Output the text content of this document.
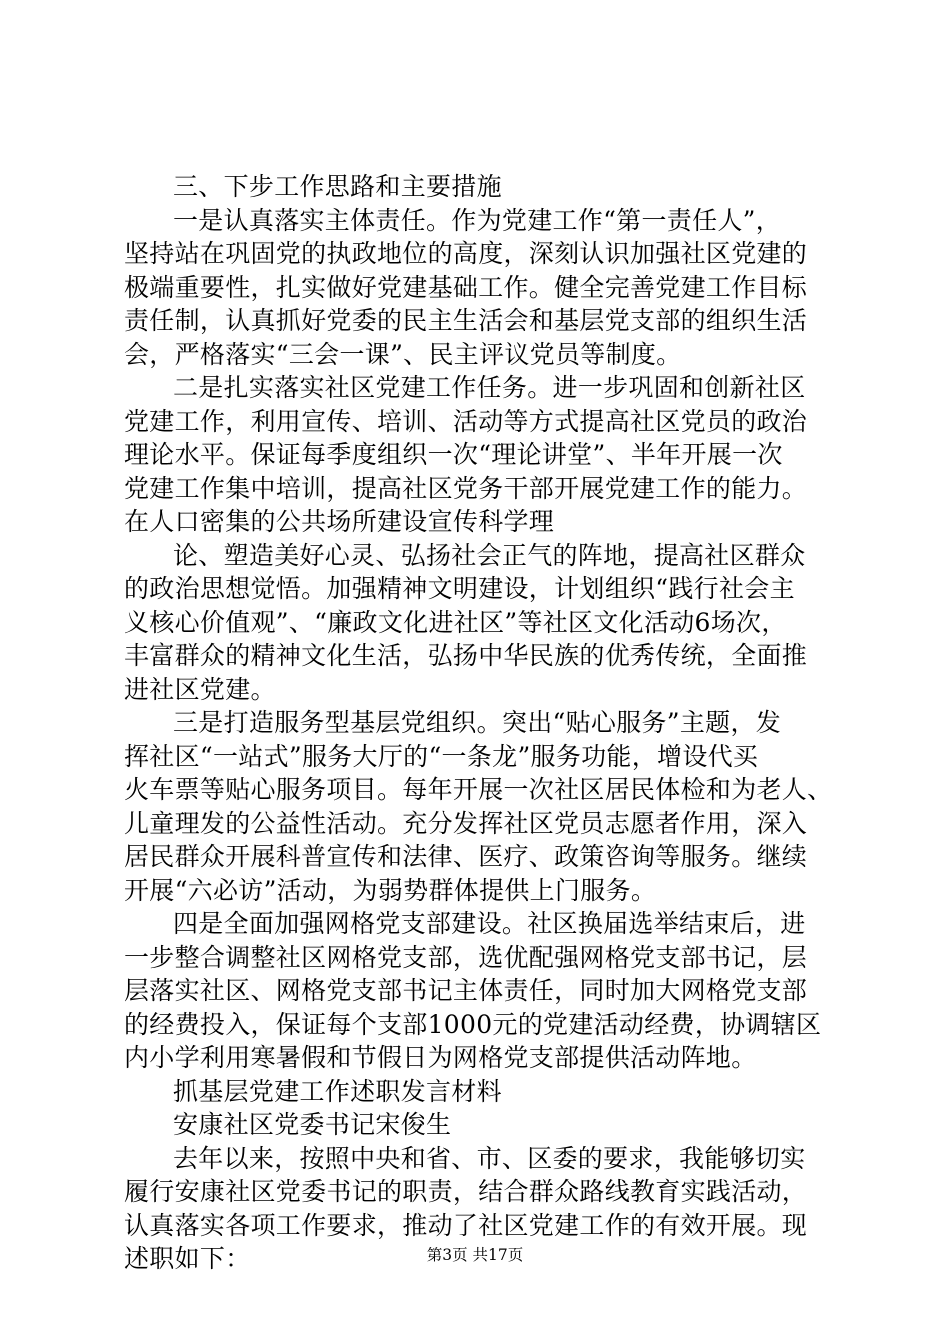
三、下步工作思路和主要措施
一是认真落实主体责任。作为党建工作“第一责任人”，
坚持站在巩固党的执政地位的高度，深刻认识加强社区党建的
极端重要性，扎实做好党建基础工作。健全完善党建工作目标
责任制，认真抓好党委的民主生活会和基层党支部的组织生活
会，严格落实“三会一课”、民主评议党员等制度。
二是扎实落实社区党建工作任务。进一步巩固和创新社区
党建工作，利用宣传、培训、活动等方式提高社区党员的政治
理论水平。保证每季度组织一次“理论讲堂”、半年开展一次
党建工作集中培训，提高社区党务干部开展党建工作的能力。
在人口密集的公共场所建设宣传科学理
论、塑造美好心灵、弘扬社会正气的阵地，提高社区群众
的政治思想觉悟。加强精神文明建设，计划组织“践行社会主
义核心价值观”、“廉政文化进社区”等社区文化活动6场次，
丰富群众的精神文化生活，弘扬中华民族的优秀传统，全面推
进社区党建。
三是打造服务型基层党组织。突出“贴心服务”主题，发
挥社区“一站式”服务大厅的“一条龙”服务功能，增设代买
火车票等贴心服务项目。每年开展一次社区居民体检和为老人、
儿童理发的公益性活动。充分发挥社区党员志愿者作用，深入
居民群众开展科普宣传和法律、医疗、政策咨询等服务。继续
开展“六必访”活动，为弱势群体提供上门服务。
四是全面加强网格党支部建设。社区换届选举结束后，进
一步整合调整社区网格党支部，选优配强网格党支部书记，层
层落实社区、网格党支部书记主体责任，同时加大网格党支部
的经费投入，保证每个支部1000元的党建活动经费，协调辖区
内小学利用寒暑假和节假日为网格党支部提供活动阵地。
抓基层党建工作述职发言材料
安康社区党委书记宋俊生
去年以来，按照中央和省、市、区委的要求，我能够切实
履行安康社区党委书记的职责，结合群众路线教育实践活动，
认真落实各项工作要求，推动了社区党建工作的有效开展。现
述职如下：	第3页 共17页
